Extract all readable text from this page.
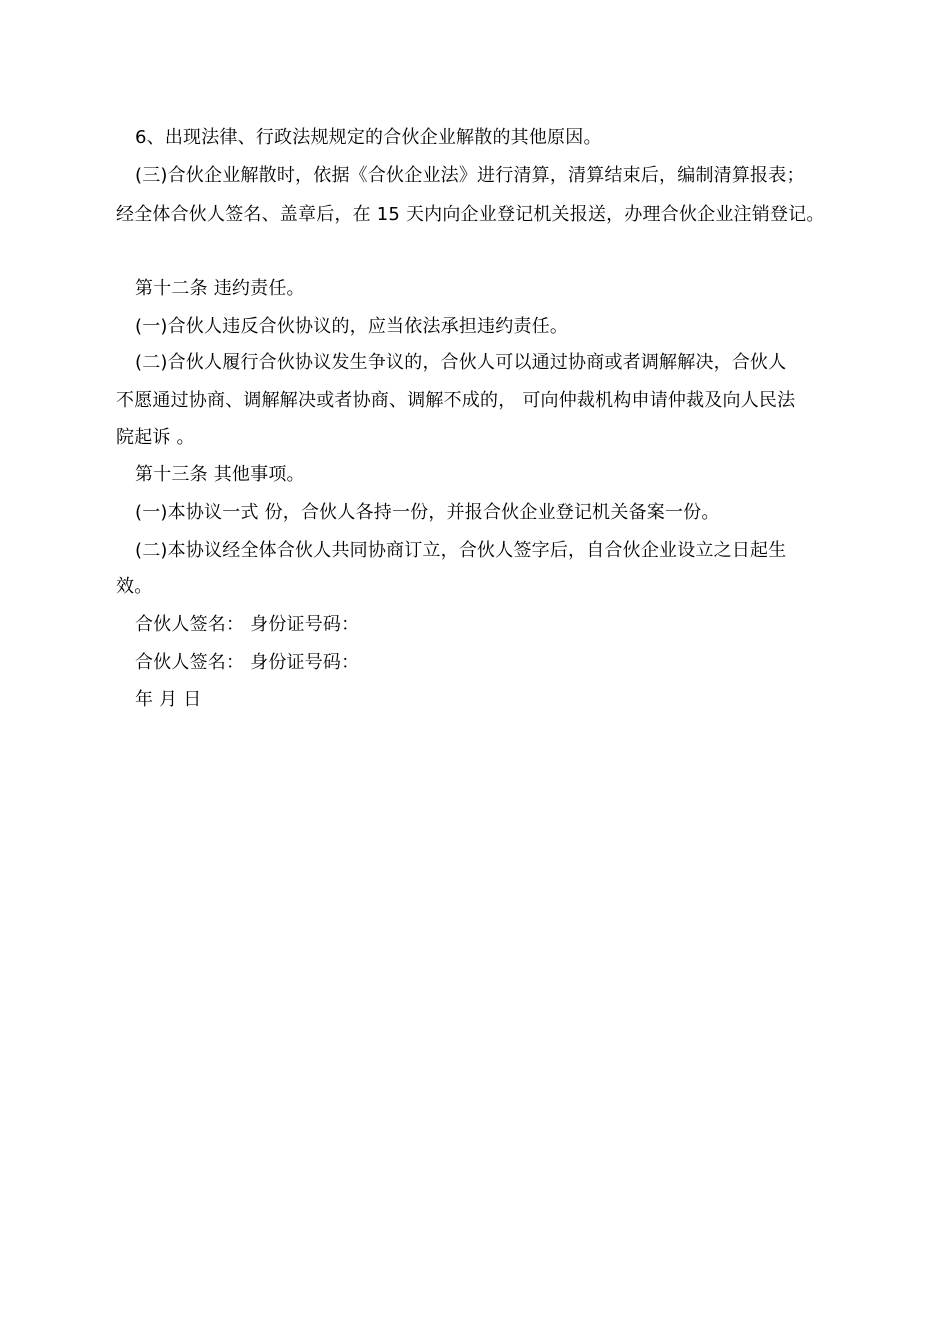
6、出现法律、行政法规规定的合伙企业解散的其他原因。
(三)合伙企业解散时，依据《合伙企业法》进行清算，清算结束后，编制清算报表；
经全体合伙人签名、盖章后，在 15 天内向企业登记机关报送，办理合伙企业注销登记。
第十二条 违约责任。
(一)合伙人违反合伙协议的，应当依法承担违约责任。
(二)合伙人履行合伙协议发生争议的，合伙人可以通过协商或者调解解决，合伙人
不愿通过协商、调解解决或者协商、调解不成的， 可向仲裁机构申请仲裁及向人民法
院起诉 。
第十三条 其他事项。
(一)本协议一式 份，合伙人各持一份，并报合伙企业登记机关备案一份。
(二)本协议经全体合伙人共同协商订立，合伙人签字后，自合伙企业设立之日起生
效。
合伙人签名： 身份证号码：
合伙人签名： 身份证号码：
年 月 日
